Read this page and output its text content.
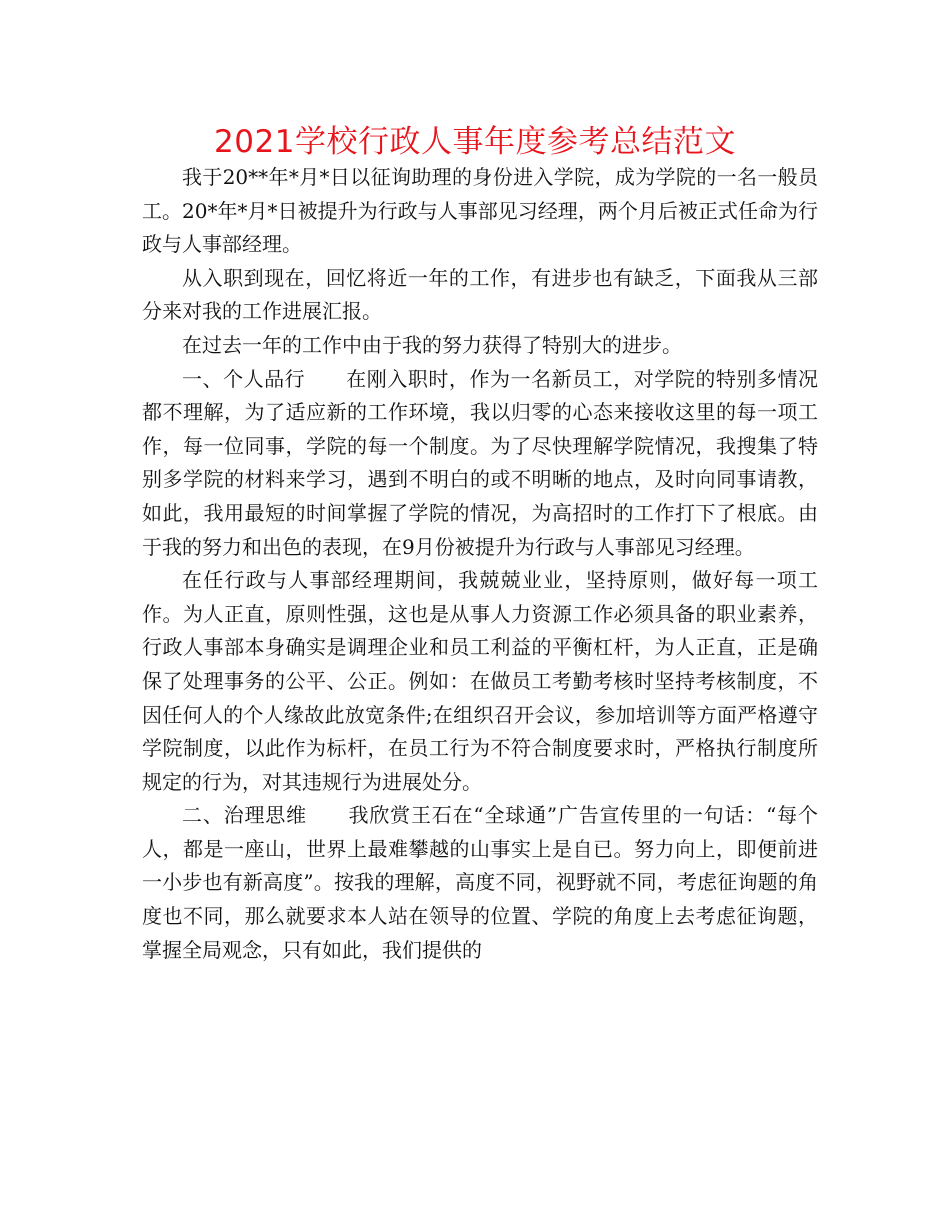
2021学校行政人事年度参考总结范文

我于20**年*月*日以征询助理的身份进入学院，成为学院的一名一般员工。20*年*月*日被提升为行政与人事部见习经理，两个月后被正式任命为行政与人事部经理。

从入职到现在，回忆将近一年的工作，有进步也有缺乏，下面我从三部分来对我的工作进展汇报。

在过去一年的工作中由于我的努力获得了特别大的进步。

一、个人品行　　在刚入职时，作为一名新员工，对学院的特别多情况都不理解，为了适应新的工作环境，我以归零的心态来接收这里的每一项工作，每一位同事，学院的每一个制度。为了尽快理解学院情况，我搜集了特别多学院的材料来学习，遇到不明白的或不明晰的地点，及时向同事请教，如此，我用最短的时间掌握了学院的情况，为高招时的工作打下了根底。由于我的努力和出色的表现，在9月份被提升为行政与人事部见习经理。

在任行政与人事部经理期间，我兢兢业业，坚持原则，做好每一项工作。为人正直，原则性强，这也是从事人力资源工作必须具备的职业素养，行政人事部本身确实是调理企业和员工利益的平衡杠杆，为人正直，正是确保了处理事务的公平、公正。例如：在做员工考勤考核时坚持考核制度，不因任何人的个人缘故此放宽条件;在组织召开会议，参加培训等方面严格遵守学院制度，以此作为标杆，在员工行为不符合制度要求时，严格执行制度所规定的行为，对其违规行为进展处分。

二、治理思维　　我欣赏王石在“全球通”广告宣传里的一句话：“每个人，都是一座山，世界上最难攀越的山事实上是自已。努力向上，即便前进一小步也有新高度”。按我的理解，高度不同，视野就不同，考虑征询题的角度也不同，那么就要求本人站在领导的位置、学院的角度上去考虑征询题，掌握全局观念，只有如此，我们提供的
